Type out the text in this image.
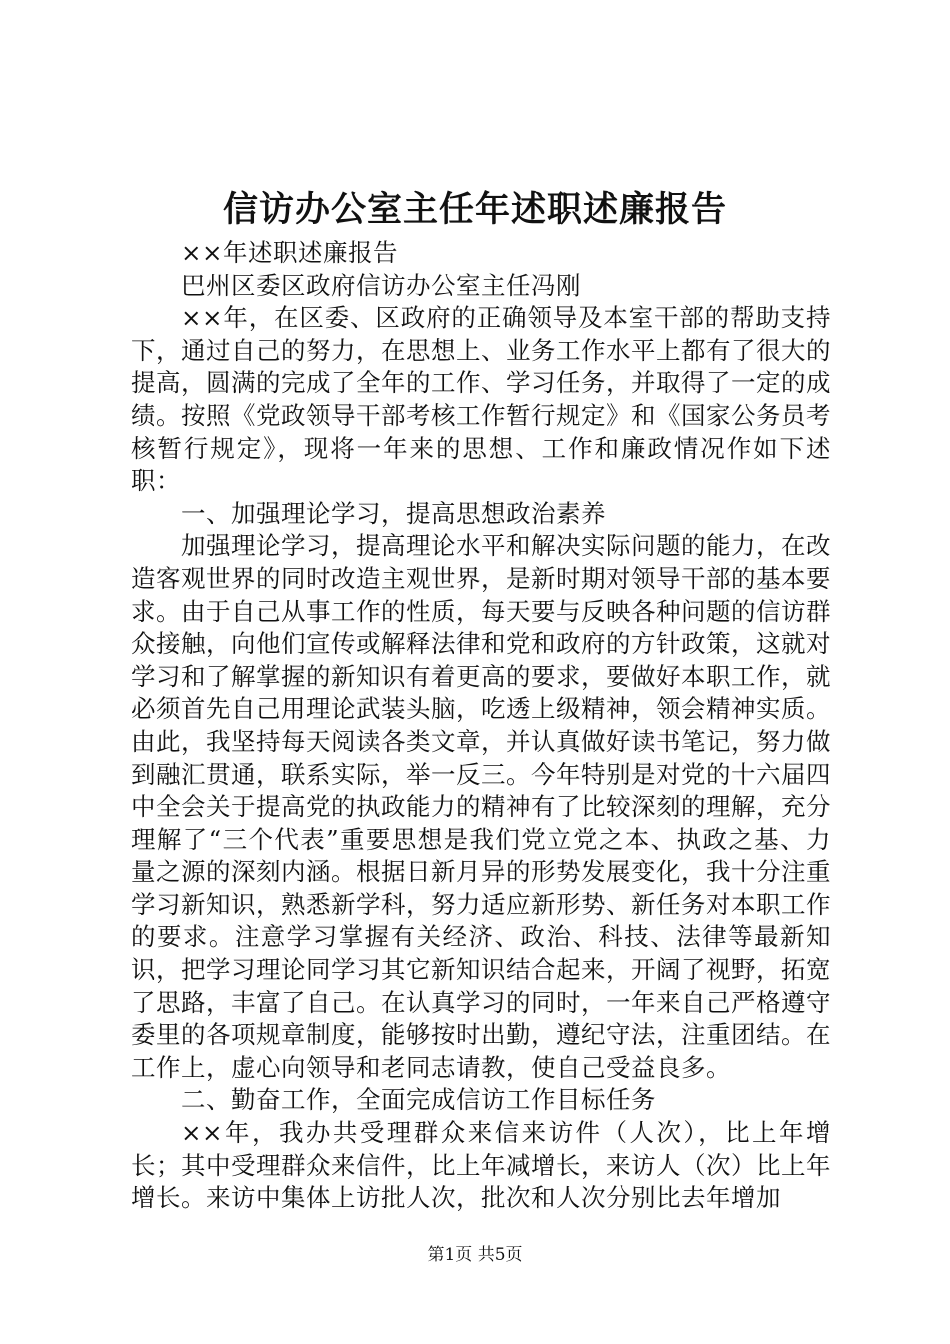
信访办公室主任年述职述廉报告

××年述职述廉报告

巴州区委区政府信访办公室主任冯刚

××年，在区委、区政府的正确领导及本室干部的帮助支持下，通过自己的努力，在思想上、业务工作水平上都有了很大的提高，圆满的完成了全年的工作、学习任务，并取得了一定的成绩。按照《党政领导干部考核工作暂行规定》和《国家公务员考核暂行规定》，现将一年来的思想、工作和廉政情况作如下述职：

一、加强理论学习，提高思想政治素养

加强理论学习，提高理论水平和解决实际问题的能力，在改造客观世界的同时改造主观世界，是新时期对领导干部的基本要求。由于自己从事工作的性质，每天要与反映各种问题的信访群众接触，向他们宣传或解释法律和党和政府的方针政策，这就对学习和了解掌握的新知识有着更高的要求，要做好本职工作，就必须首先自己用理论武装头脑，吃透上级精神，领会精神实质。由此，我坚持每天阅读各类文章，并认真做好读书笔记，努力做到融汇贯通，联系实际，举一反三。今年特别是对党的十六届四中全会关于提高党的执政能力的精神有了比较深刻的理解，充分理解了“三个代表”重要思想是我们党立党之本、执政之基、力量之源的深刻内涵。根据日新月异的形势发展变化，我十分注重学习新知识，熟悉新学科，努力适应新形势、新任务对本职工作的要求。注意学习掌握有关经济、政治、科技、法律等最新知识，把学习理论同学习其它新知识结合起来，开阔了视野，拓宽了思路，丰富了自己。在认真学习的同时，一年来自己严格遵守委里的各项规章制度，能够按时出勤，遵纪守法，注重团结。在工作上，虚心向领导和老同志请教，使自己受益良多。

二、勤奋工作，全面完成信访工作目标任务

××年，我办共受理群众来信来访件（人次），比上年增长；其中受理群众来信件，比上年减增长，来访人（次）比上年增长。来访中集体上访批人次，批次和人次分别比去年增加

第1页 共5页
